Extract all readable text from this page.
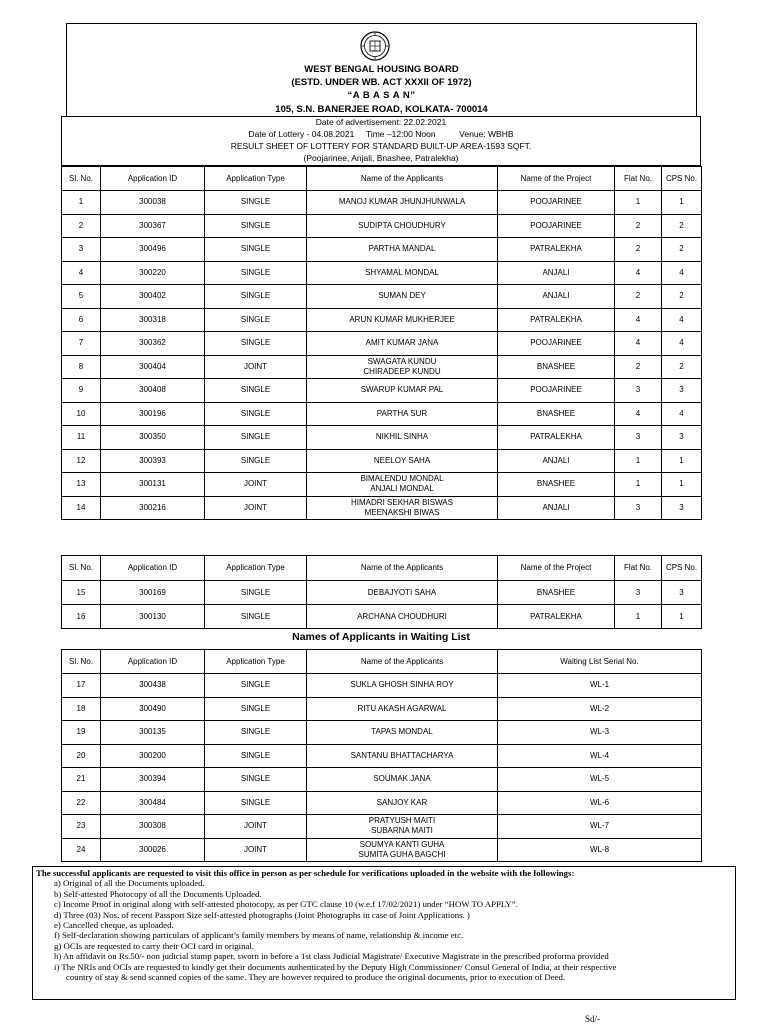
WEST BENGAL HOUSING BOARD
(ESTD. UNDER WB. ACT XXXII OF 1972)
“A B A S A N”
105, S.N. BANERJEE ROAD, KOLKATA- 700014
Date of advertisement: 22.02.2021
Date of Lottery - 04.08.2021     Time –12:00 Noon          Venue: WBHB
RESULT SHEET OF LOTTERY FOR STANDARD BUILT-UP AREA-1593 SQFT.
(Poojarinee, Anjali, Bnashee, Patralekha)
Sl. No.	Application ID	Application Type	Name of the Applicants	Name of the Project	Flat No.	CPS No.
1	300038	SINGLE	MANOJ KUMAR JHUNJHUNWALA	POOJARINEE	1	1
2	300367	SINGLE	SUDIPTA CHOUDHURY	POOJARINEE	2	2
3	300496	SINGLE	PARTHA MANDAL	PATRALEKHA	2	2
4	300220	SINGLE	SHYAMAL MONDAL	ANJALI	4	4
5	300402	SINGLE	SUMAN DEY	ANJALI	2	2
6	300318	SINGLE	ARUN KUMAR MUKHERJEE	PATRALEKHA	4	4
7	300362	SINGLE	AMIT KUMAR JANA	POOJARINEE	4	4
8	300404	JOINT	SWAGATA KUNDU
CHIRADEEP KUNDU	BNASHEE	2	2
9	300408	SINGLE	SWARUP KUMAR PAL	POOJARINEE	3	3
10	300196	SINGLE	PARTHA SUR	BNASHEE	4	4
11	300350	SINGLE	NIKHIL SINHA	PATRALEKHA	3	3
12	300393	SINGLE	NEELOY SAHA	ANJALI	1	1
13	300131	JOINT	BIMALENDU MONDAL
ANJALI MONDAL	BNASHEE	1	1
14	300216	JOINT	HIMADRI SEKHAR BISWAS
MEENAKSHI BIWAS	ANJALI	3	3
Sl. No.	Application ID	Application Type	Name of the Applicants	Name of the Project	Flat No.	CPS No.
15	300169	SINGLE	DEBAJYOTI SAHA	BNASHEE	3	3
16	300130	SINGLE	ARCHANA CHOUDHURI	PATRALEKHA	1	1
Names of Applicants in Waiting List
Sl. No.	Application ID	Application Type	Name of the Applicants	Waiting List Serial No.
17	300438	SINGLE	SUKLA GHOSH SINHA ROY	WL-1
18	300490	SINGLE	RITU AKASH AGARWAL	WL-2
19	300135	SINGLE	TAPAS MONDAL	WL-3
20	300200	SINGLE	SANTANU BHATTACHARYA	WL-4
21	300394	SINGLE	SOUMAK JANA	WL-5
22	300484	SINGLE	SANJOY KAR	WL-6
23	300308	JOINT	PRATYUSH MAITI
SUBARNA MAITI	WL-7
24	300026	JOINT	SOUMYA KANTI GUHA
SUMITA GUHA BAGCHI	WL-8
The successful applicants are requested to visit this office in person as per schedule for verifications uploaded in the website with the followings:
a) Original of all the Documents uploaded.
b) Self-attested Photocopy of all the Documents Uploaded.
c) Income Proof in original along with self-attested photocopy, as per GTC clause 10 (w.e.f 17/02/2021) under “HOW TO APPLY”.
d) Three (03) Nos. of recent Passport Size self-attested photographs (Joint Photographs in case of Joint Applications. )
e) Cancelled cheque, as uploaded.
f) Self-declaration showing particulars of applicant’s family members by means of name, relationship & income etc.
g) OCIs are requested to carry their OCI card in original.
h) An affidavit on Rs.50/- non judicial stamp paper, sworn in before a 1st class Judicial Magistrate/ Executive Magistrate in the prescribed proforma provided
i) The NRIs and OCIs are requested to kindly get their documents authenticated by the Deputy High Commissioner/ Consul General of India, at their respective
country of stay & send scanned copies of the same. They are however required to produce the original documents, prior to execution of Deed.
Sd/-
